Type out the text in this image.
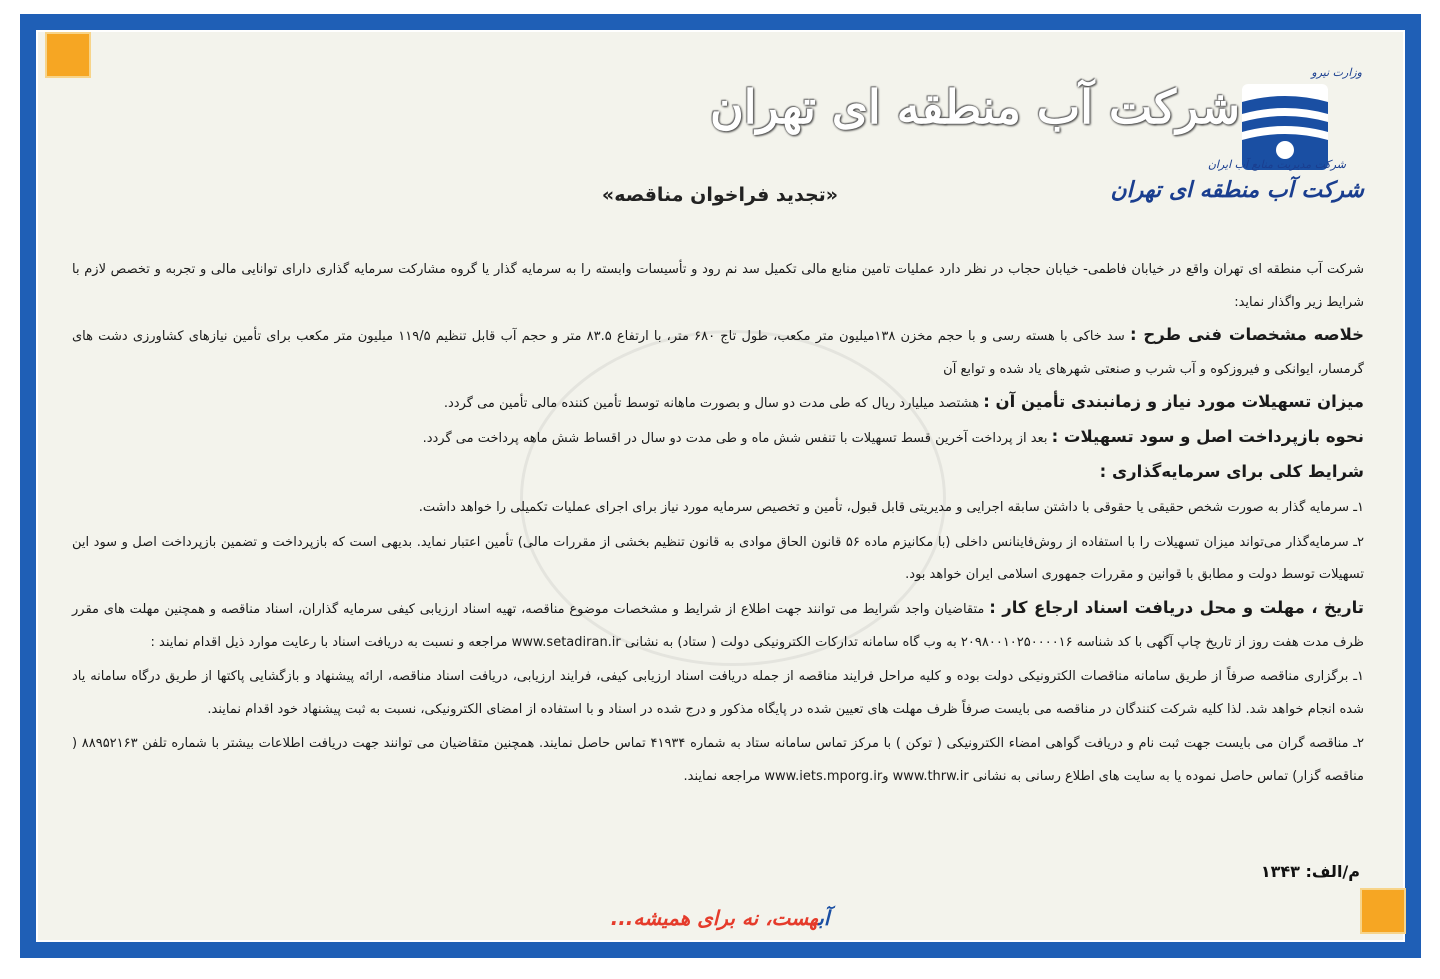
وزارت نیرو
شرکت مدیریت منابع آب ایران
شرکت آب منطقه ای تهران
شرکت آب منطقه ای تهران
«تجدید فراخوان مناقصه»

شرکت آب منطقه ای تهران واقع در خیابان فاطمی- خیابان حجاب در نظر دارد عملیات تامین منابع مالی تکمیل سد نم رود و تأسیسات وابسته را به سرمایه گذار یا گروه مشارکت سرمایه گذاری دارای توانایی مالی و تجربه و تخصص لازم با شرایط زیر واگذار نماید:

خلاصه مشخصات فنی طرح : سد خاکی با هسته رسی و با حجم مخزن ۱۳۸میلیون متر مکعب، طول تاج ۶۸۰ متر، با ارتفاع ۸۳.۵ متر و حجم آب قابل تنظیم ۱۱۹/۵ میلیون متر مکعب برای تأمین نیازهای کشاورزی دشت های گرمسار، ایوانکی و فیروزکوه و آب شرب و صنعتی شهرهای یاد شده و توابع آن

میزان تسهیلات مورد نیاز و زمانبندی تأمین آن : هشتصد میلیارد ریال که طی مدت دو سال و بصورت ماهانه توسط تأمین کننده مالی تأمین می گردد.

نحوه بازپرداخت اصل و سود تسهیلات : بعد از پرداخت آخرین قسط تسهیلات با تنفس شش ماه و طی مدت دو سال در اقساط شش ماهه پرداخت می گردد.

شرایط کلی برای سرمایه‌گذاری :

۱ـ سرمایه گذار به صورت شخص حقیقی یا حقوقی با داشتن سابقه اجرایی و مدیریتی قابل قبول، تأمین و تخصیص سرمایه مورد نیاز برای اجرای عملیات تکمیلی را خواهد داشت.

۲ـ سرمایه‌گذار می‌تواند میزان تسهیلات را با استفاده از روش‌فاینانس داخلی (با مکانیزم ماده ۵۶ قانون الحاق موادی به قانون تنظیم بخشی از مقررات مالی) تأمین اعتبار نماید. بدیهی است که بازپرداخت و تضمین بازپرداخت اصل و سود این تسهیلات توسط دولت و مطابق با قوانین و مقررات جمهوری اسلامی ایران خواهد بود.

تاریخ ، مهلت و محل دریافت اسناد ارجاع کار : متقاضیان واجد شرایط می توانند جهت اطلاع از شرایط و مشخصات موضوع مناقصه، تهیه اسناد ارزیابی کیفی سرمایه گذاران، اسناد مناقصه و همچنین مهلت های مقرر ظرف مدت هفت روز از تاریخ چاپ آگهی با کد شناسه ۲۰۹۸۰۰۱۰۲۵۰۰۰۰۱۶ به وب گاه سامانه تدارکات الکترونیکی دولت ( ستاد) به نشانی www.setadiran.ir مراجعه و نسبت به دریافت اسناد با رعایت موارد ذیل اقدام نمایند :

۱ـ برگزاری مناقصه صرفاً از طریق سامانه مناقصات الکترونیکی دولت بوده و کلیه مراحل فرایند مناقصه از جمله دریافت اسناد ارزیابی کیفی، فرایند ارزیابی، دریافت اسناد مناقصه، ارائه پیشنهاد و بازگشایی پاکتها از طریق درگاه سامانه یاد شده انجام خواهد شد. لذا کلیه شرکت کنندگان در مناقصه می بایست صرفاً ظرف مهلت های تعیین شده در پایگاه مذکور و درج شده در اسناد و با استفاده از امضای الکترونیکی، نسبت به ثبت پیشنهاد خود اقدام نمایند.

۲ـ مناقصه گران می بایست جهت ثبت نام و دریافت گواهی امضاء الکترونیکی ( توکن ) با مرکز تماس سامانه ستاد به شماره ۴۱۹۳۴ تماس حاصل نمایند. همچنین متقاضیان می توانند جهت دریافت اطلاعات بیشتر با شماره تلفن ۸۸۹۵۲۱۶۳ ( مناقصه گزار) تماس حاصل نموده یا به سایت های اطلاع رسانی به نشانی www.thrw.ir وwww.iets.mporg.ir مراجعه نمایند.

م/الف: ۱۳۴۳
آبهست، نه برای همیشه...
